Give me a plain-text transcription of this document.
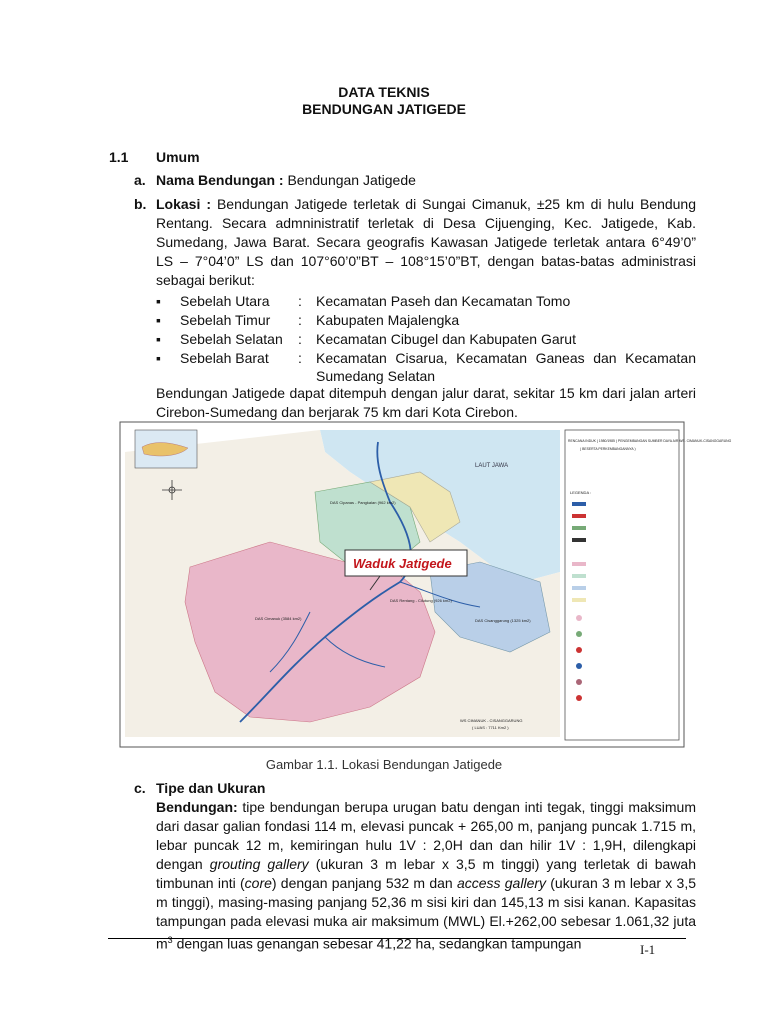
DATA TEKNIS
BENDUNGAN JATIGEDE
1.1 Umum
a. Nama Bendungan : Bendungan Jatigede
b. Lokasi : Bendungan Jatigede terletak di Sungai Cimanuk, ±25 km di hulu Bendung Rentang. Secara admninistratif terletak di Desa Cijuenging, Kec. Jatigede, Kab. Sumedang, Jawa Barat. Secara geografis Kawasan Jatigede terletak antara 6°49’0” LS – 7°04’0” LS dan 107°60’0”BT – 108°15’0”BT, dengan batas-batas administrasi sebagai berikut:
▪	Sebelah Utara	:	Kecamatan Paseh dan Kecamatan Tomo
▪	Sebelah Timur	:	Kabupaten Majalengka
▪	Sebelah Selatan	:	Kecamatan Cibugel dan Kabupaten Garut
▪	Sebelah Barat	:	Kecamatan Cisarua, Kecamatan Ganeas dan Kecamatan Sumedang Selatan
Bendungan Jatigede dapat ditempuh dengan jalur darat, sekitar 15 km dari jalan arteri Cirebon-Sumedang dan berjarak 75 km dari Kota Cirebon.
LAUT JAWA
Waduk Jatigede
DAS Cipanas - Pangkalan (962 km2)
DAS Cimanuk (3584 km2)
DAS Rentang - Cilutung (926 km2)
DAS Cisanggarung (1325 km2)
RENCANA INDUK ( 1980/1985 ) PENGEMBANGAN SUMBER DAYA AIR WS. CIMANUK-CISANGGARUNG
( BESERTA PERKEMBANGANNYA )
LEGENDA :
WS CIMANUK - CISANGGARUNG
( LUAS : 7711 Km2 )
Gambar 1.1. Lokasi Bendungan Jatigede
c. Tipe dan Ukuran
Bendungan: tipe bendungan berupa urugan batu dengan inti tegak, tinggi maksimum dari dasar galian fondasi 114 m, elevasi puncak + 265,00 m, panjang puncak 1.715 m, lebar puncak 12 m, kemiringan hulu 1V : 2,0H dan dan hilir 1V : 1,9H, dilengkapi dengan grouting gallery (ukuran 3 m lebar x 3,5 m tinggi) yang terletak di bawah timbunan inti (core) dengan panjang 532 m dan access gallery (ukuran 3 m lebar x 3,5 m tinggi), masing-masing panjang 52,36 m sisi kiri dan 145,13 m sisi kanan. Kapasitas tampungan pada elevasi muka air maksimum (MWL) El.+262,00 sebesar 1.061,32 juta $m^3$ dengan luas genangan sebesar 41,22 ha, sedangkan tampungan	I-1
